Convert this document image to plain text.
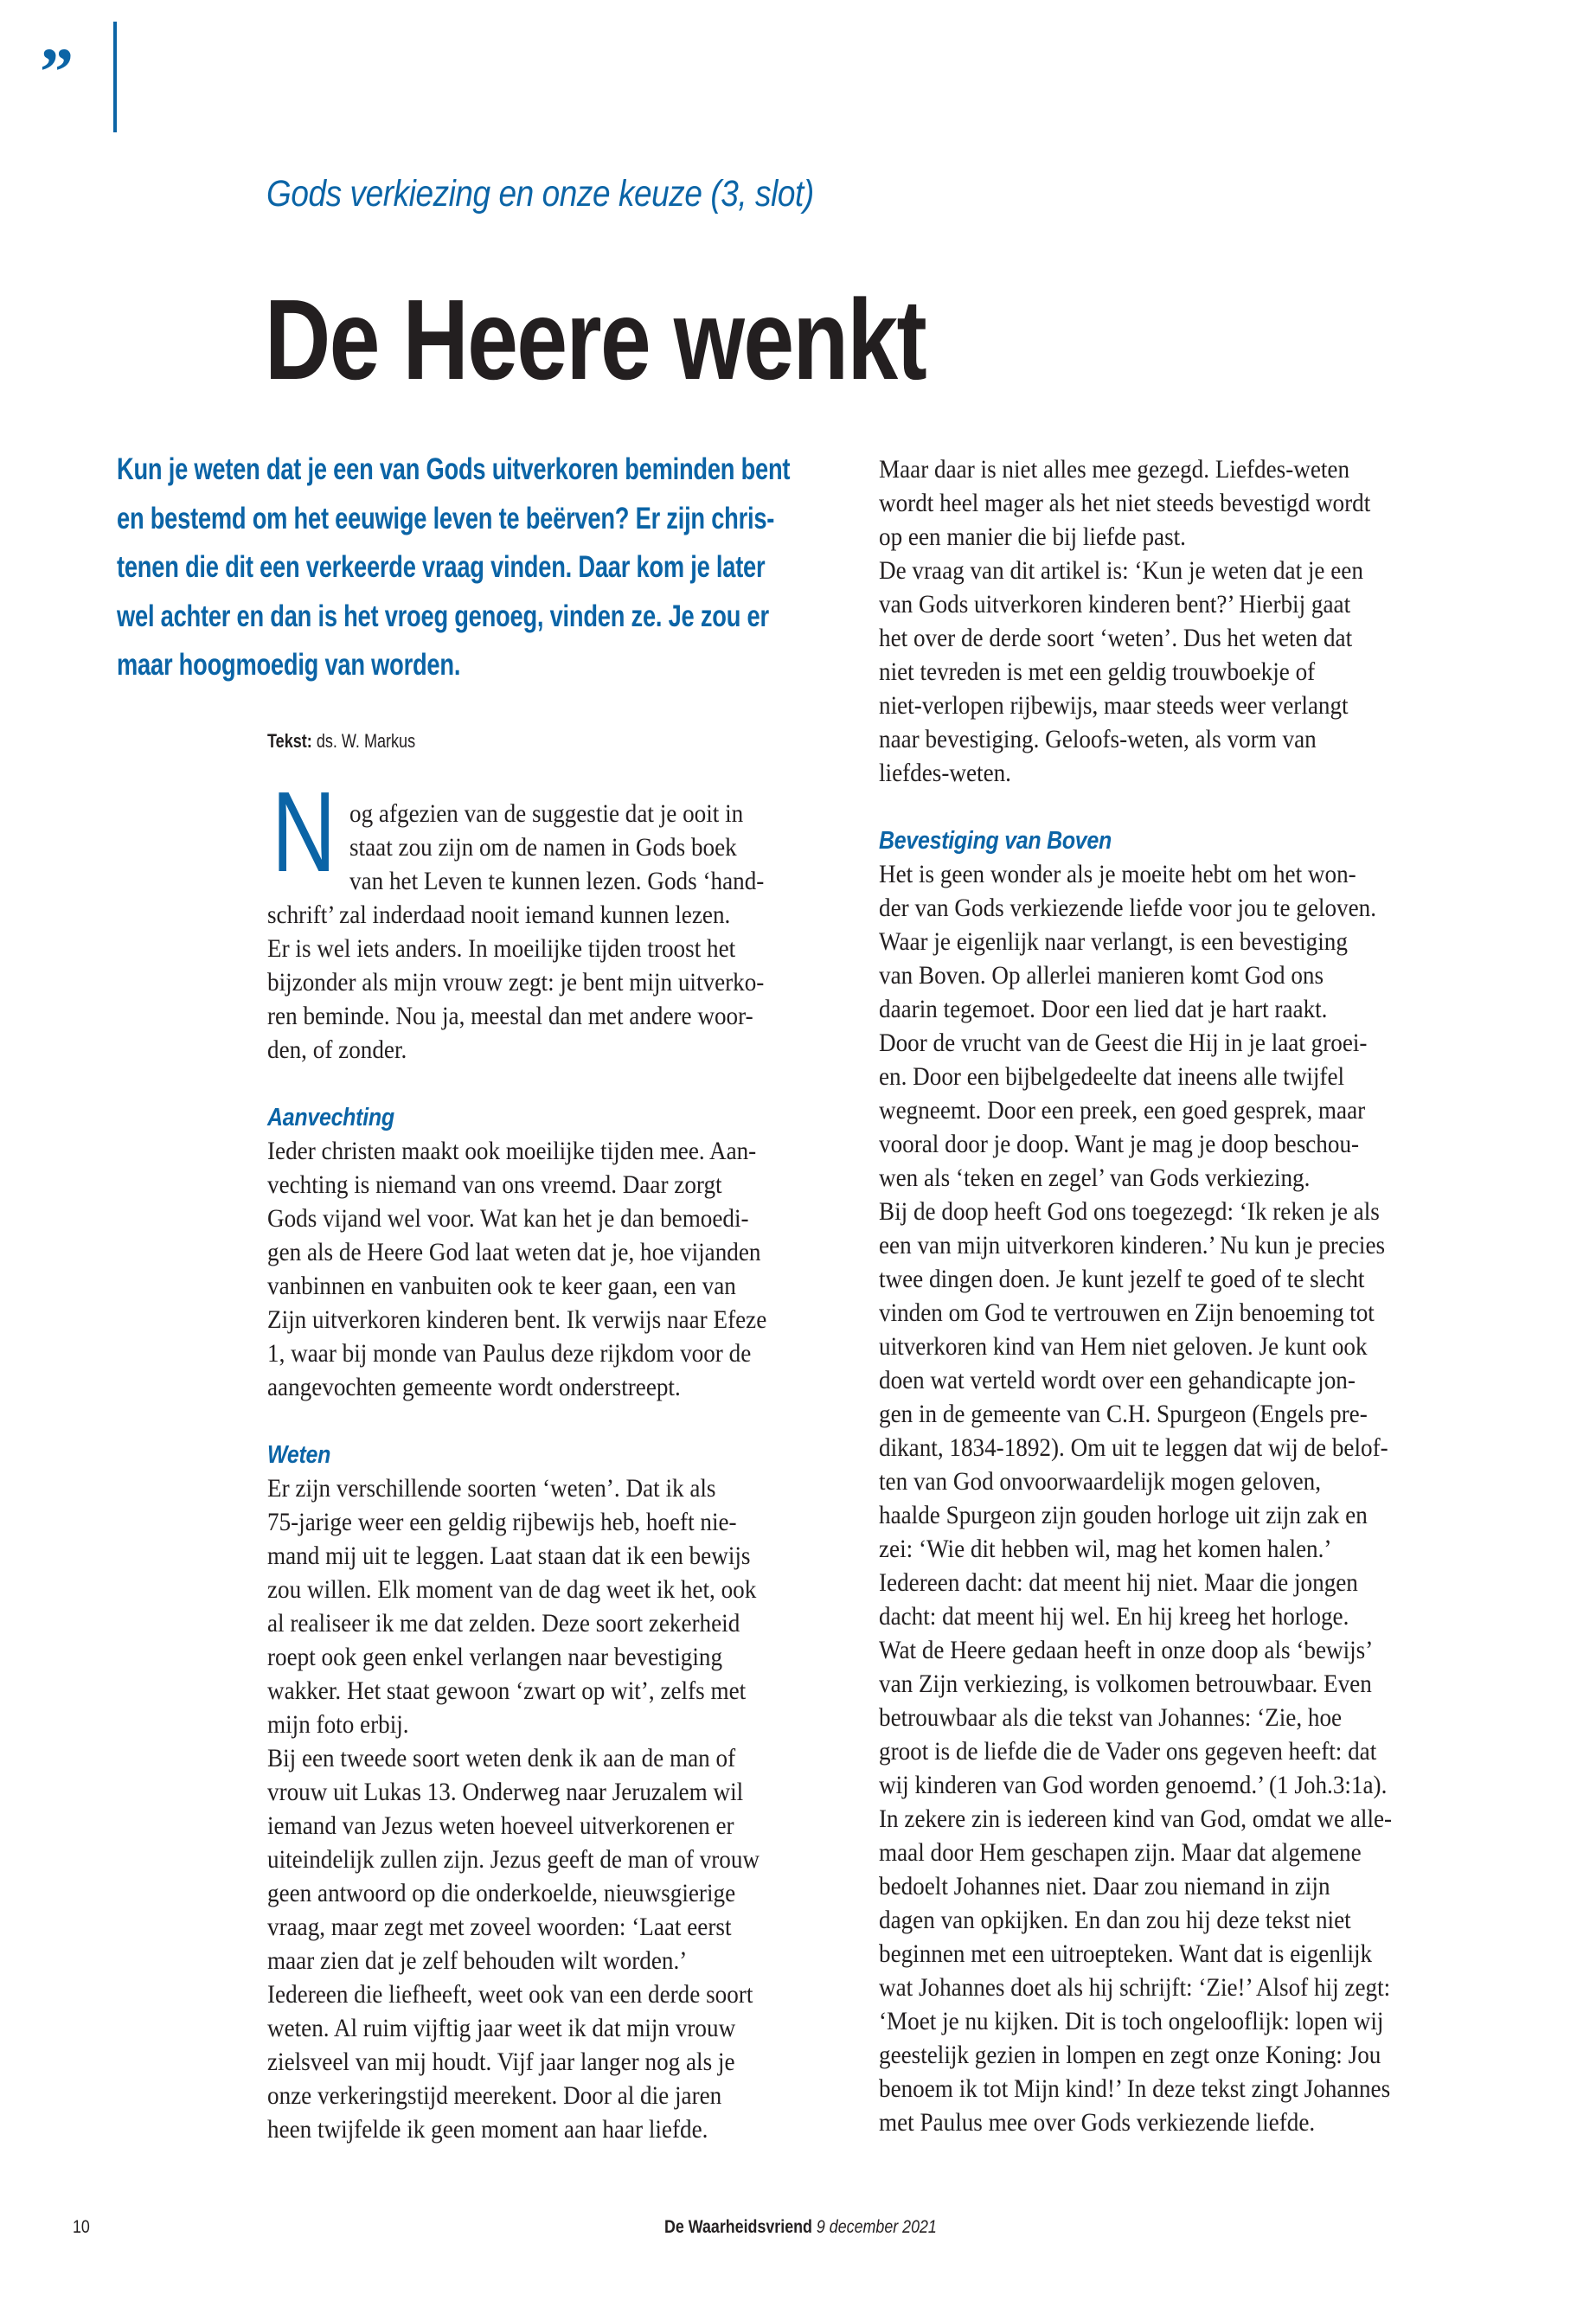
”
Gods verkiezing en onze keuze (3, slot)
De Heere wenkt
Kun je weten dat je een van Gods uitverkoren beminden bent
en bestemd om het eeuwige leven te beërven? Er zijn chris-
tenen die dit een verkeerde vraag vinden. Daar kom je later
wel achter en dan is het vroeg genoeg, vinden ze. Je zou er
maar hoogmoedig van worden.
Tekst: ds. W. Markus
N og afgezien van de suggestie dat je ooit in
staat zou zijn om de namen in Gods boek
van het Leven te kunnen lezen. Gods ‘hand-
schrift’ zal inderdaad nooit iemand kunnen lezen.
Er is wel iets anders. In moeilijke tijden troost het
bijzonder als mijn vrouw zegt: je bent mijn uitverko-
ren beminde. Nou ja, meestal dan met andere woor-
den, of zonder.
Aanvechting
Ieder christen maakt ook moeilijke tijden mee. Aan-
vechting is niemand van ons vreemd. Daar zorgt
Gods vijand wel voor. Wat kan het je dan bemoedi-
gen als de Heere God laat weten dat je, hoe vijanden
vanbinnen en vanbuiten ook te keer gaan, een van
Zijn uitverkoren kinderen bent. Ik verwijs naar Efeze
1, waar bij monde van Paulus deze rijkdom voor de
aangevochten gemeente wordt onderstreept.
Weten
Er zijn verschillende soorten ‘weten’. Dat ik als
75-jarige weer een geldig rijbewijs heb, hoeft nie-
mand mij uit te leggen. Laat staan dat ik een bewijs
zou willen. Elk moment van de dag weet ik het, ook
al realiseer ik me dat zelden. Deze soort zekerheid
roept ook geen enkel verlangen naar bevestiging
wakker. Het staat gewoon ‘zwart op wit’, zelfs met
mijn foto erbij.
Bij een tweede soort weten denk ik aan de man of
vrouw uit Lukas 13. Onderweg naar Jeruzalem wil
iemand van Jezus weten hoeveel uitverkorenen er
uiteindelijk zullen zijn. Jezus geeft de man of vrouw
geen antwoord op die onderkoelde, nieuwsgierige
vraag, maar zegt met zoveel woorden: ‘Laat eerst
maar zien dat je zelf behouden wilt worden.’
Iedereen die liefheeft, weet ook van een derde soort
weten. Al ruim vijftig jaar weet ik dat mijn vrouw
zielsveel van mij houdt. Vijf jaar langer nog als je
onze verkeringstijd meerekent. Door al die jaren
heen twijfelde ik geen moment aan haar liefde.
Maar daar is niet alles mee gezegd. Liefdes-weten
wordt heel mager als het niet steeds bevestigd wordt
op een manier die bij liefde past.
De vraag van dit artikel is: ‘Kun je weten dat je een
van Gods uitverkoren kinderen bent?’ Hierbij gaat
het over de derde soort ‘weten’. Dus het weten dat
niet tevreden is met een geldig trouwboekje of
niet-verlopen rijbewijs, maar steeds weer verlangt
naar bevestiging. Geloofs-weten, als vorm van
liefdes-weten.
Bevestiging van Boven
Het is geen wonder als je moeite hebt om het won-
der van Gods verkiezende liefde voor jou te geloven.
Waar je eigenlijk naar verlangt, is een bevestiging
van Boven. Op allerlei manieren komt God ons
daarin tegemoet. Door een lied dat je hart raakt.
Door de vrucht van de Geest die Hij in je laat groei-
en. Door een bijbelgedeelte dat ineens alle twijfel
wegneemt. Door een preek, een goed gesprek, maar
vooral door je doop. Want je mag je doop beschou-
wen als ‘teken en zegel’ van Gods verkiezing.
Bij de doop heeft God ons toegezegd: ‘Ik reken je als
een van mijn uitverkoren kinderen.’ Nu kun je precies
twee dingen doen. Je kunt jezelf te goed of te slecht
vinden om God te vertrouwen en Zijn benoeming tot
uitverkoren kind van Hem niet geloven. Je kunt ook
doen wat verteld wordt over een gehandicapte jon-
gen in de gemeente van C.H. Spurgeon (Engels pre-
dikant, 1834-1892). Om uit te leggen dat wij de belof-
ten van God onvoorwaardelijk mogen geloven,
haalde Spurgeon zijn gouden horloge uit zijn zak en
zei: ‘Wie dit hebben wil, mag het komen halen.’
Iedereen dacht: dat meent hij niet. Maar die jongen
dacht: dat meent hij wel. En hij kreeg het horloge.
Wat de Heere gedaan heeft in onze doop als ‘bewijs’
van Zijn verkiezing, is volkomen betrouwbaar. Even
betrouwbaar als die tekst van Johannes: ‘Zie, hoe
groot is de liefde die de Vader ons gegeven heeft: dat
wij kinderen van God worden genoemd.’ (1 Joh.3:1a).
In zekere zin is iedereen kind van God, omdat we alle-
maal door Hem geschapen zijn. Maar dat algemene
bedoelt Johannes niet. Daar zou niemand in zijn
dagen van opkijken. En dan zou hij deze tekst niet
beginnen met een uitroepteken. Want dat is eigenlijk
wat Johannes doet als hij schrijft: ‘Zie!’ Alsof hij zegt:
‘Moet je nu kijken. Dit is toch ongelooflijk: lopen wij
geestelijk gezien in lompen en zegt onze Koning: Jou
benoem ik tot Mijn kind!’ In deze tekst zingt Johannes
met Paulus mee over Gods verkiezende liefde.
10	De Waarheidsvriend 9 december 2021
